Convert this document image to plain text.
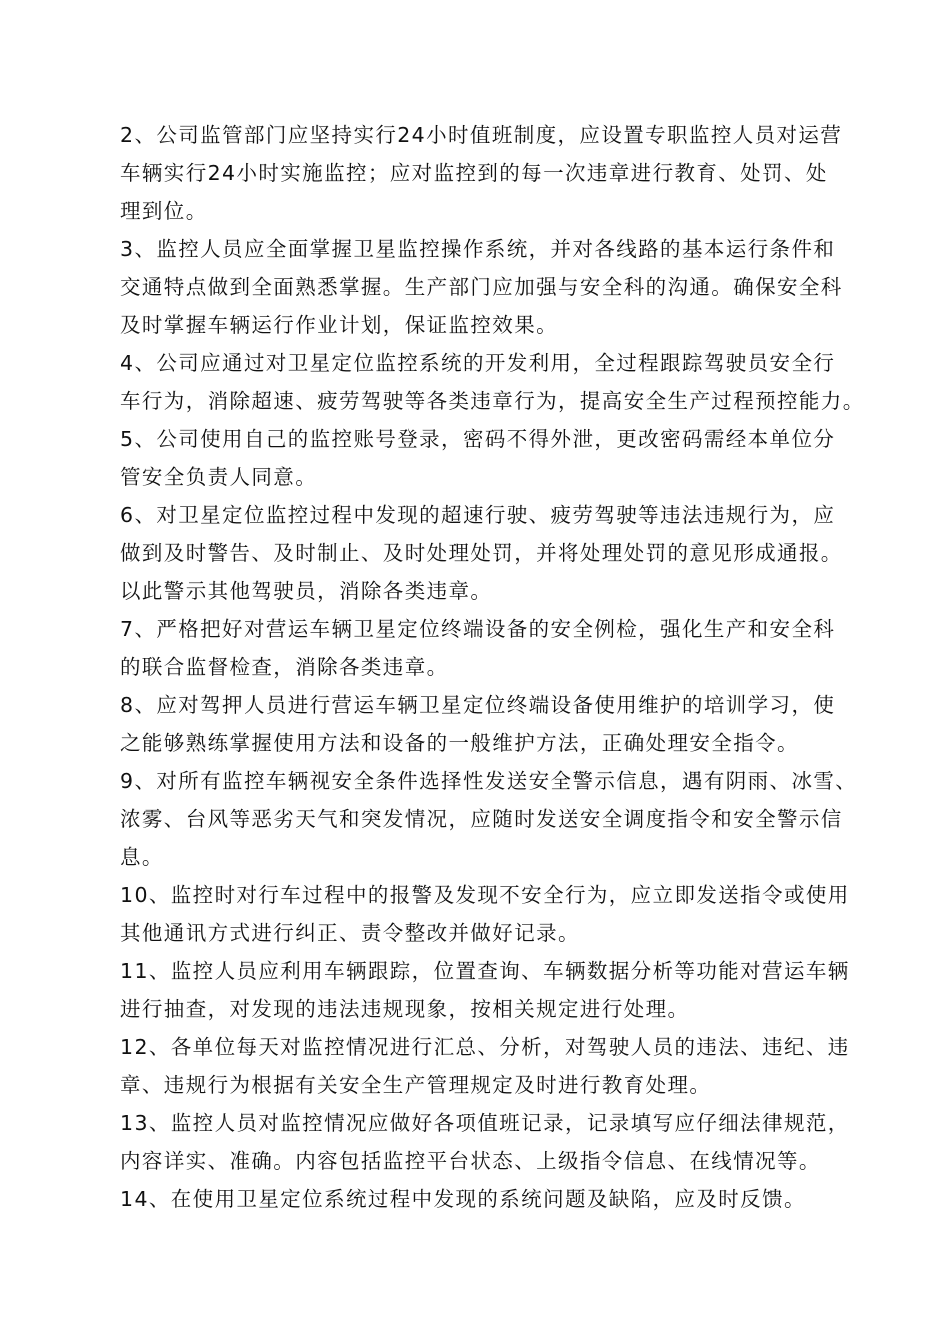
2、公司监管部门应坚持实行24小时值班制度，应设置专职监控人员对运营
车辆实行24小时实施监控；应对监控到的每一次违章进行教育、处罚、处
理到位。
3、监控人员应全面掌握卫星监控操作系统，并对各线路的基本运行条件和
交通特点做到全面熟悉掌握。生产部门应加强与安全科的沟通。确保安全科
及时掌握车辆运行作业计划，保证监控效果。
4、公司应通过对卫星定位监控系统的开发利用，全过程跟踪驾驶员安全行
车行为，消除超速、疲劳驾驶等各类违章行为，提高安全生产过程预控能力。
5、公司使用自己的监控账号登录，密码不得外泄，更改密码需经本单位分
管安全负责人同意。
6、对卫星定位监控过程中发现的超速行驶、疲劳驾驶等违法违规行为，应
做到及时警告、及时制止、及时处理处罚，并将处理处罚的意见形成通报。
以此警示其他驾驶员，消除各类违章。
7、严格把好对营运车辆卫星定位终端设备的安全例检，强化生产和安全科
的联合监督检查，消除各类违章。
8、应对驾押人员进行营运车辆卫星定位终端设备使用维护的培训学习，使
之能够熟练掌握使用方法和设备的一般维护方法，正确处理安全指令。
9、对所有监控车辆视安全条件选择性发送安全警示信息，遇有阴雨、冰雪、
浓雾、台风等恶劣天气和突发情况，应随时发送安全调度指令和安全警示信
息。
10、监控时对行车过程中的报警及发现不安全行为，应立即发送指令或使用
其他通讯方式进行纠正、责令整改并做好记录。
11、监控人员应利用车辆跟踪，位置查询、车辆数据分析等功能对营运车辆
进行抽查，对发现的违法违规现象，按相关规定进行处理。
12、各单位每天对监控情况进行汇总、分析，对驾驶人员的违法、违纪、违
章、违规行为根据有关安全生产管理规定及时进行教育处理。
13、监控人员对监控情况应做好各项值班记录，记录填写应仔细法律规范，
内容详实、准确。内容包括监控平台状态、上级指令信息、在线情况等。
14、在使用卫星定位系统过程中发现的系统问题及缺陷，应及时反馈。
